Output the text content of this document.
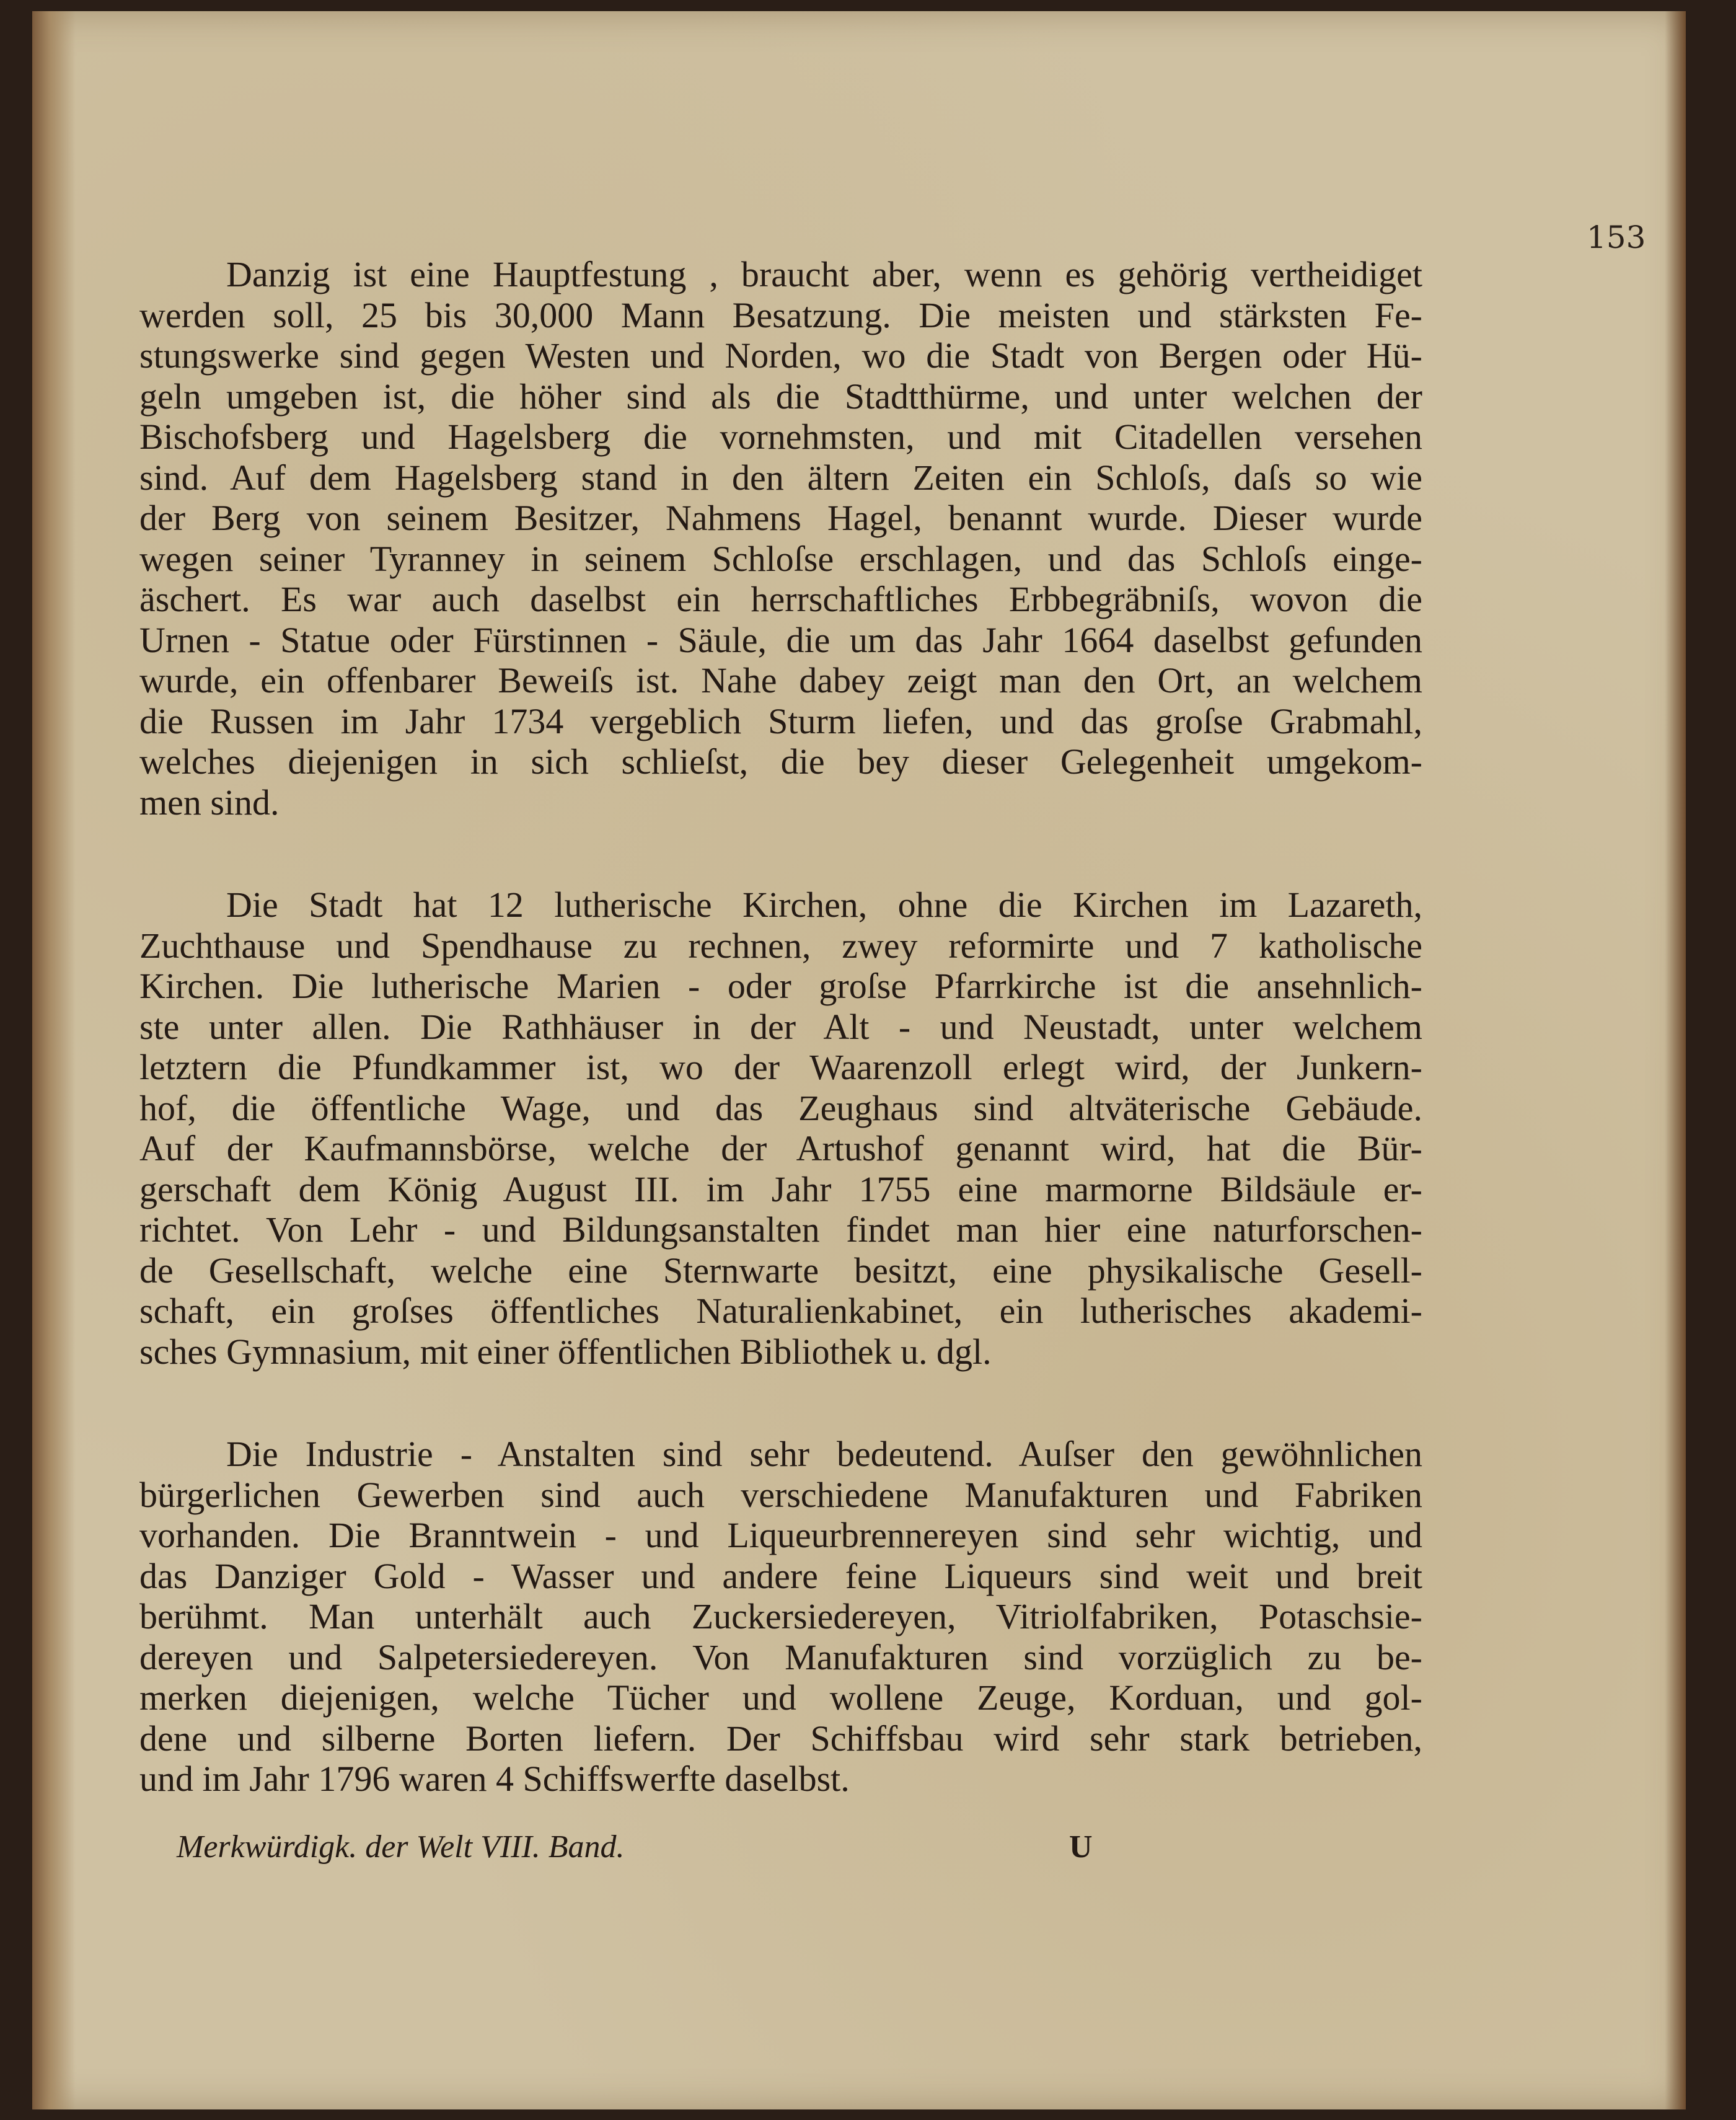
153
Danzig ist eine Hauptfestung , braucht aber, wenn es gehörig vertheidiget
werden soll, 25 bis 30,000 Mann Besatzung. Die meisten und stärksten Fe-
stungswerke sind gegen Westen und Norden, wo die Stadt von Bergen oder Hü-
geln umgeben ist, die höher sind als die Stadtthürme, und unter welchen der
Bischofsberg und Hagelsberg die vornehmsten, und mit Citadellen versehen
sind. Auf dem Hagelsberg stand in den ältern Zeiten ein Schloſs, daſs so wie
der Berg von seinem Besitzer, Nahmens Hagel, benannt wurde. Dieser wurde
wegen seiner Tyranney in seinem Schloſse erschlagen, und das Schloſs einge-
äschert. Es war auch daselbst ein herrschaftliches Erbbegräbniſs, wovon die
Urnen - Statue oder Fürstinnen - Säule, die um das Jahr 1664 daselbst gefunden
wurde, ein offenbarer Beweiſs ist. Nahe dabey zeigt man den Ort, an welchem
die Russen im Jahr 1734 vergeblich Sturm liefen, und das groſse Grabmahl,
welches diejenigen in sich schlieſst, die bey dieser Gelegenheit umgekom-
men sind.
Die Stadt hat 12 lutherische Kirchen, ohne die Kirchen im Lazareth,
Zuchthause und Spendhause zu rechnen, zwey reformirte und 7 katholische
Kirchen. Die lutherische Marien - oder groſse Pfarrkirche ist die ansehnlich-
ste unter allen. Die Rathhäuser in der Alt - und Neustadt, unter welchem
letztern die Pfundkammer ist, wo der Waarenzoll erlegt wird, der Junkern-
hof, die öffentliche Wage, und das Zeughaus sind altväterische Gebäude.
Auf der Kaufmannsbörse, welche der Artushof genannt wird, hat die Bür-
gerschaft dem König August III. im Jahr 1755 eine marmorne Bildsäule er-
richtet. Von Lehr - und Bildungsanstalten findet man hier eine naturforschen-
de Gesellschaft, welche eine Sternwarte besitzt, eine physikalische Gesell-
schaft, ein groſses öffentliches Naturalienkabinet, ein lutherisches akademi-
sches Gymnasium, mit einer öffentlichen Bibliothek u. dgl.
Die Industrie - Anstalten sind sehr bedeutend. Auſser den gewöhnlichen
bürgerlichen Gewerben sind auch verschiedene Manufakturen und Fabriken
vorhanden. Die Branntwein - und Liqueurbrennereyen sind sehr wichtig, und
das Danziger Gold - Wasser und andere feine Liqueurs sind weit und breit
berühmt. Man unterhält auch Zuckersiedereyen, Vitriolfabriken, Potaschsie-
dereyen und Salpetersiedereyen. Von Manufakturen sind vorzüglich zu be-
merken diejenigen, welche Tücher und wollene Zeuge, Korduan, und gol-
dene und silberne Borten liefern. Der Schiffsbau wird sehr stark betrieben,
und im Jahr 1796 waren 4 Schiffswerfte daselbst.
Merkwürdigk. der Welt VIII. Band.	U
